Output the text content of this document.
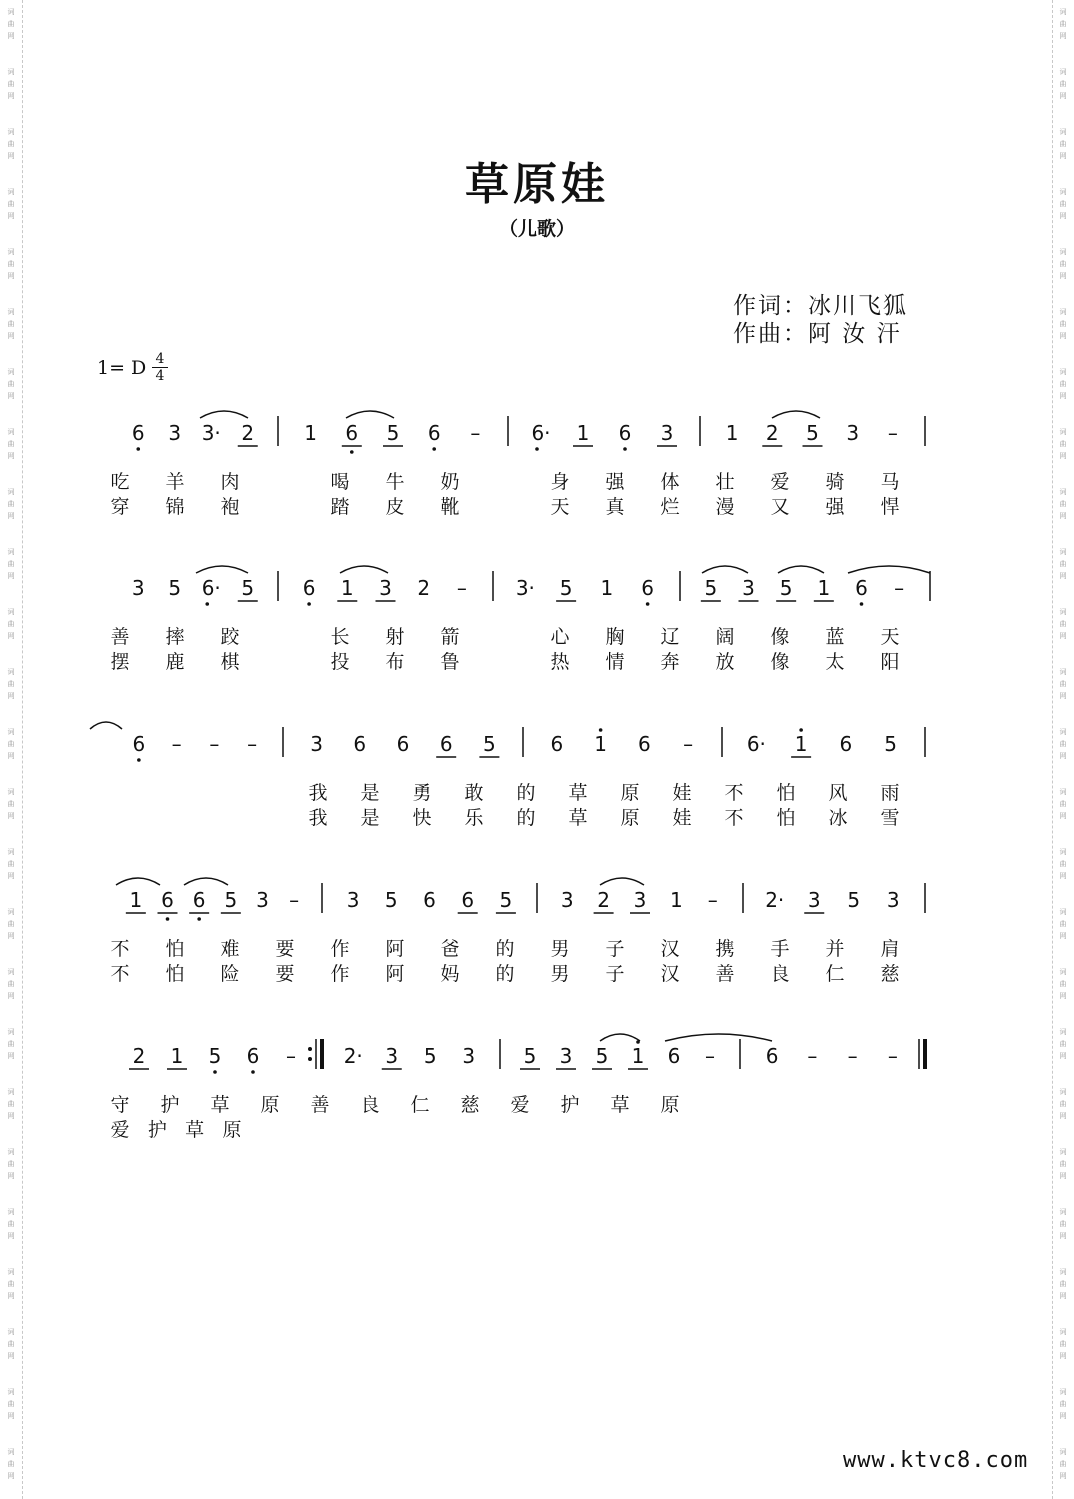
词
曲
网
词
曲
网
词
曲
网
词
曲
网
词
曲
网
词
曲
网
词
曲
网
词
曲
网
词
曲
网
词
曲
网
词
曲
网
词
曲
网
词
曲
网
词
曲
网
词
曲
网
词
曲
网
词
曲
网
词
曲
网
词
曲
网
词
曲
网
词
曲
网
词
曲
网
词
曲
网
词
曲
网
词
曲
网
词
曲
网
词
曲
网
词
曲
网
词
曲
网
词
曲
网
词
曲
网
词
曲
网
词
曲
网
词
曲
网
词
曲
网
词
曲
网
词
曲
网
词
曲
网
词
曲
网
词
曲
网
词
曲
网
词
曲
网
词
曲
网
词
曲
网
词
曲
网
词
曲
网
词
曲
网
词
曲
网
词
曲
网
词
曲
网
草原娃
（儿歌）
作词：冰川飞狐
作曲：阿 汝 汗
1= D 4
4
6 3 3· 2	1 6 5 6 –	6· 1 6 3	1 2 5 3 –
吃 羊 肉	喝 牛 奶	身 强 体 壮 爱 骑 马
穿 锦 袍	踏 皮 靴	天 真 烂 漫 又 强 悍
3 5 6· 5 6 1 3 2 – 3· 5 1 6	5 3 5 1 6 –
善 摔 跤	长 射 箭	心 胸 辽 阔 像 蓝 天
摆 鹿 棋	投 布 鲁	热 情 奔 放 像 太 阳
6 – – –	3 6 6 6 5	6 1 6 –	6· 1 6 5
我 是 勇 敢 的 草 原 娃 不 怕 风 雨
我 是 快 乐 的 草 原 娃 不 怕 冰 雪
1 6 6 5 3 – 3 5 6 6 5 3 2 3 1 – 2· 3 5 3
不 怕 难 要 作 阿 爸 的 男 子 汉 携 手 并 肩
不 怕 险 要 作 阿 妈 的 男 子 汉 善 良 仁 慈
2 1 5 6 – 2· 3 5 3 5 3 5 1 6 –	6 – – –
守 护 草 原 善 良 仁 慈 爱 护 草 原
爱 护 草 原
www.ktvc8.com
